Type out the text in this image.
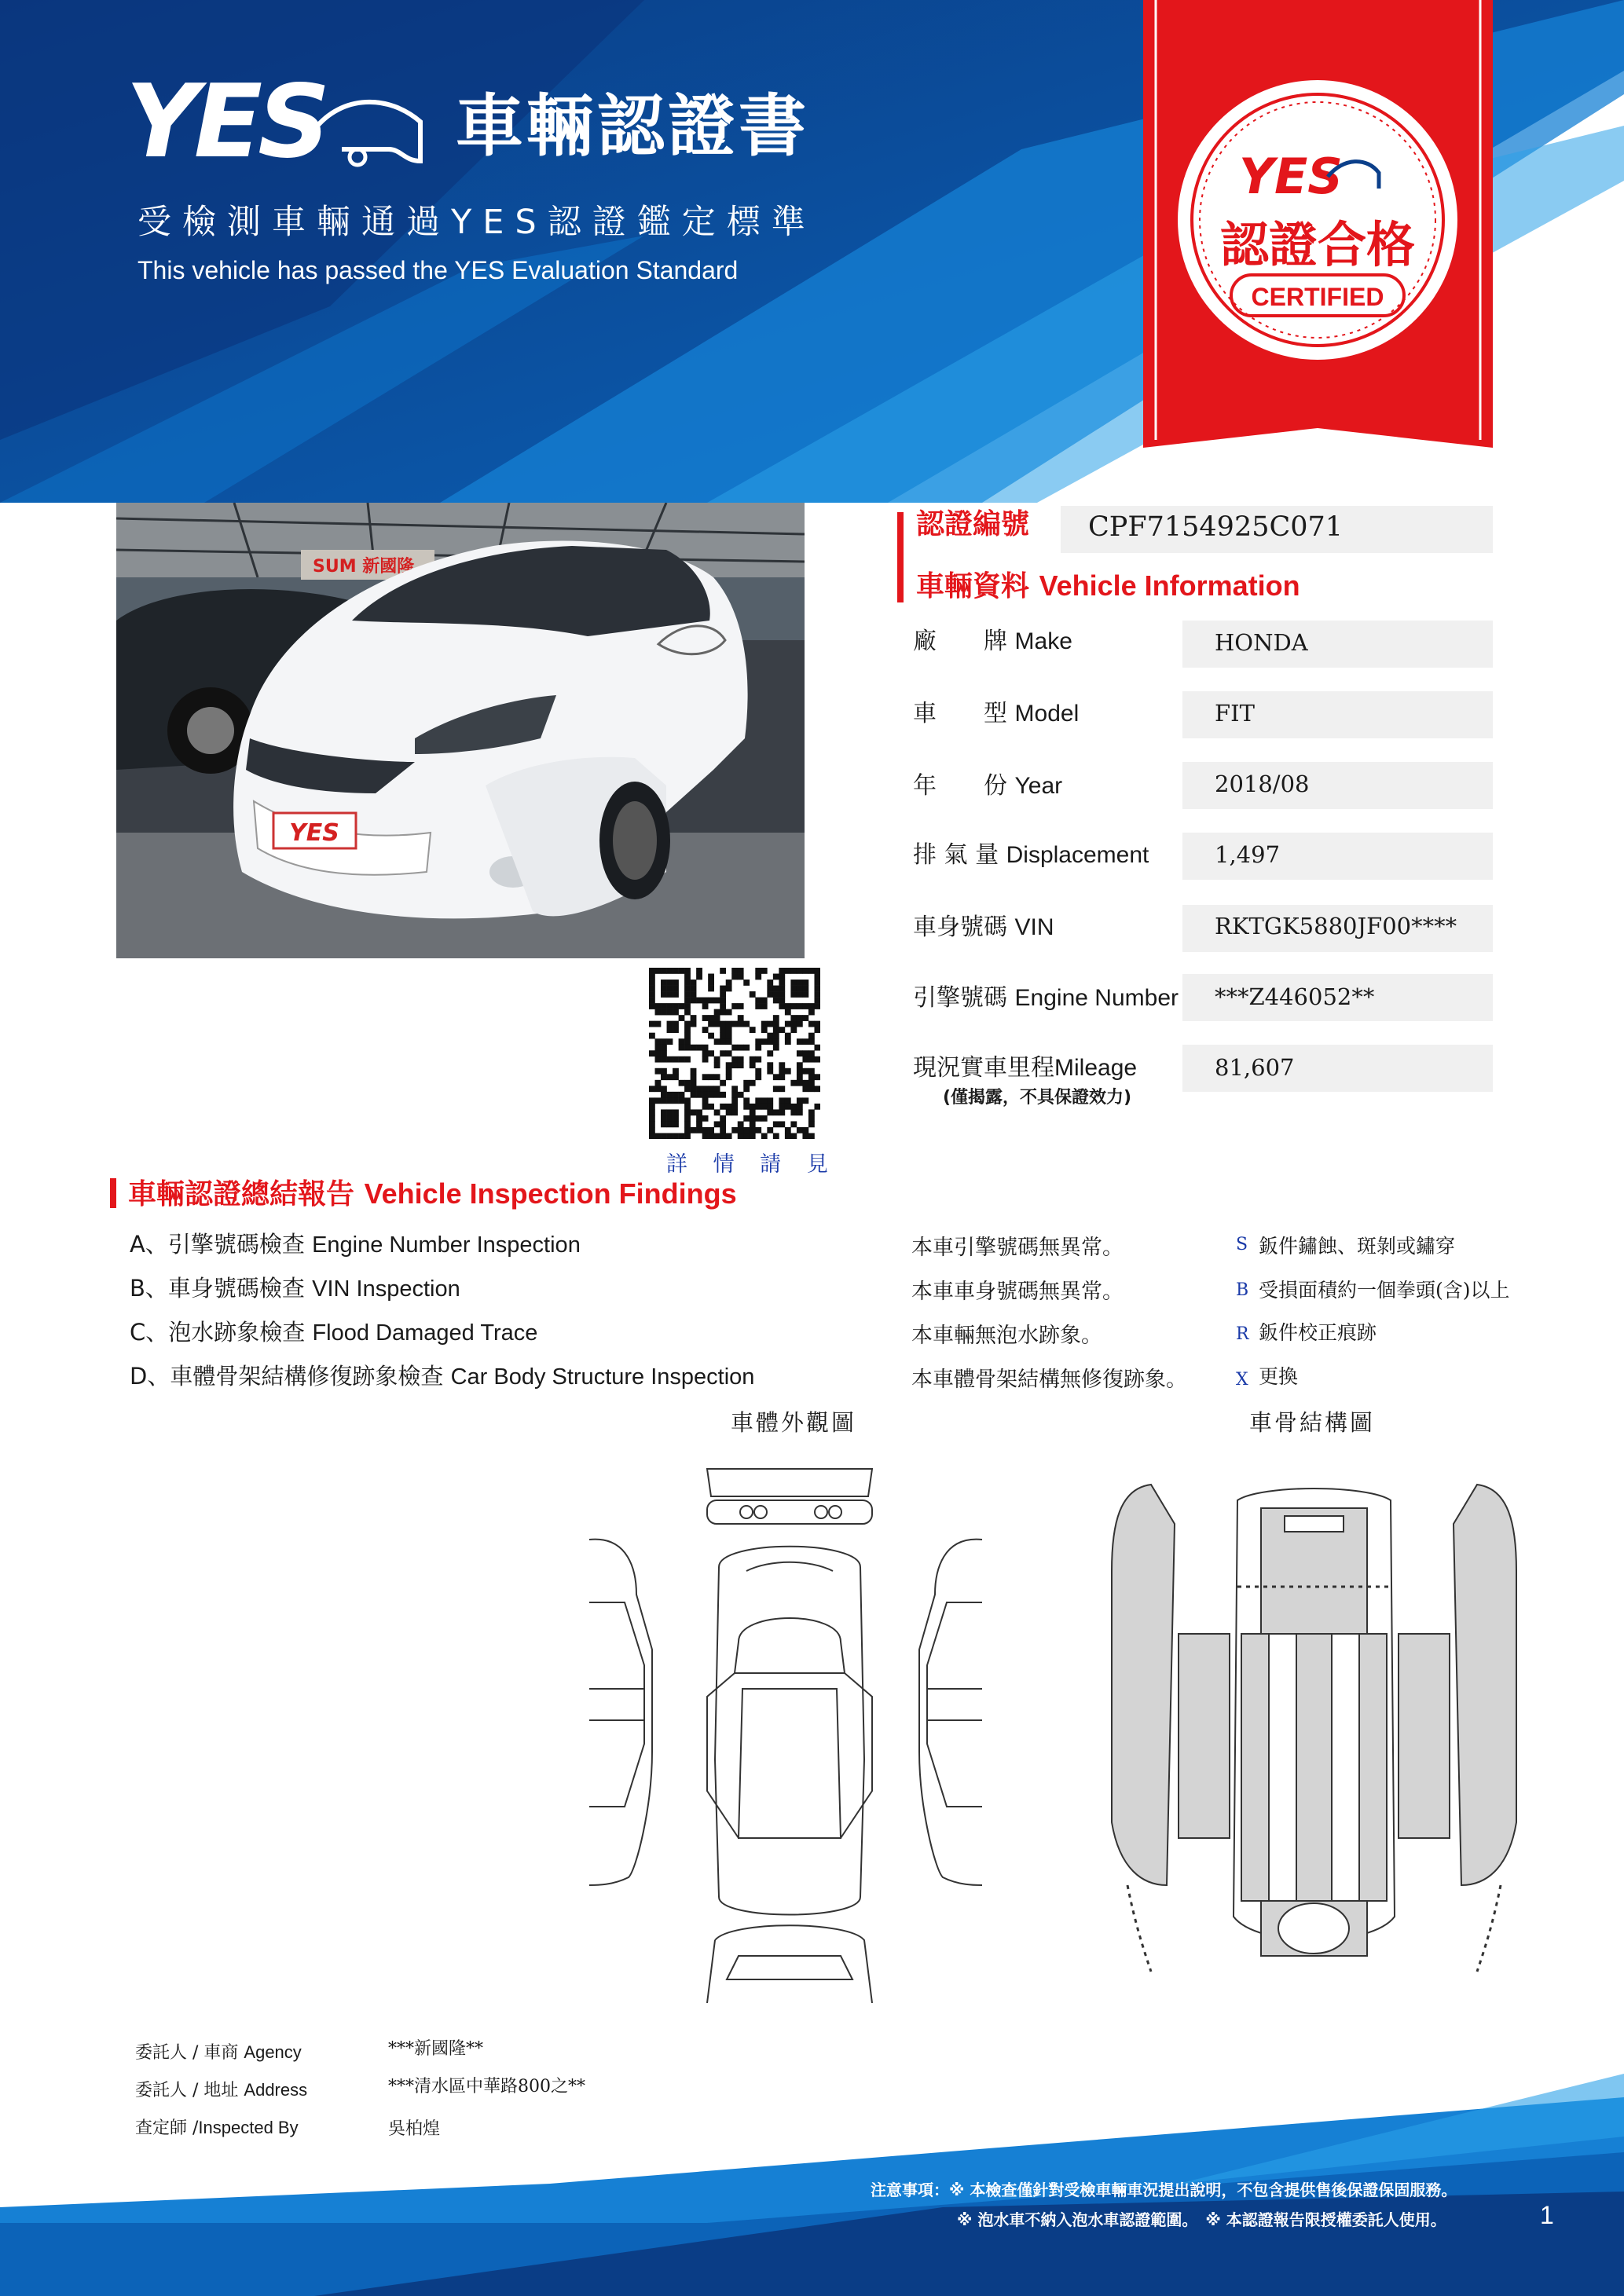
YES 車輛認證書
受檢測車輛通過YES認證鑑定標準
This vehicle has passed the YES Evaluation Standard
YES
認證合格
CERTIFIED
SUM 新國隆
YES
詳 情 請 見
認證編號 CPF7154925C071
車輛資料 Vehicle Information
廠　　牌 Make	HONDA
車　　型 Model	FIT
年　　份 Year	2018/08
排 氣 量 Displacement	1,497
車身號碼 VIN	RKTGK5880JF00****
引擎號碼 Engine Number ***Z446052**
現況實車里程Mileage	81,607
(僅揭露，不具保證效力)
車輛認證總結報告 Vehicle Inspection Findings
A、引擎號碼檢查 Engine Number Inspection
B、車身號碼檢查 VIN Inspection
C、泡水跡象檢查 Flood Damaged Trace
D、車體骨架結構修復跡象檢查 Car Body Structure Inspection
本車引擎號碼無異常。
本車車身號碼無異常。
本車輛無泡水跡象。
本車體骨架結構無修復跡象。
S 鈑件鏽蝕、斑剝或鏽穿
B 受損面積約一個拳頭(含)以上
R 鈑件校正痕跡
X 更換
車體外觀圖	車骨結構圖
委託人 / 車商 Agency	***新國隆**
委託人 / 地址 Address	***清水區中華路800之**
查定師 /Inspected By	吳柏煌
注意事項：※ 本檢查僅針對受檢車輛車況提出說明，不包含提供售後保證保固服務。
※ 泡水車不納入泡水車認證範圍。　※ 本認證報告限授權委託人使用。	1
